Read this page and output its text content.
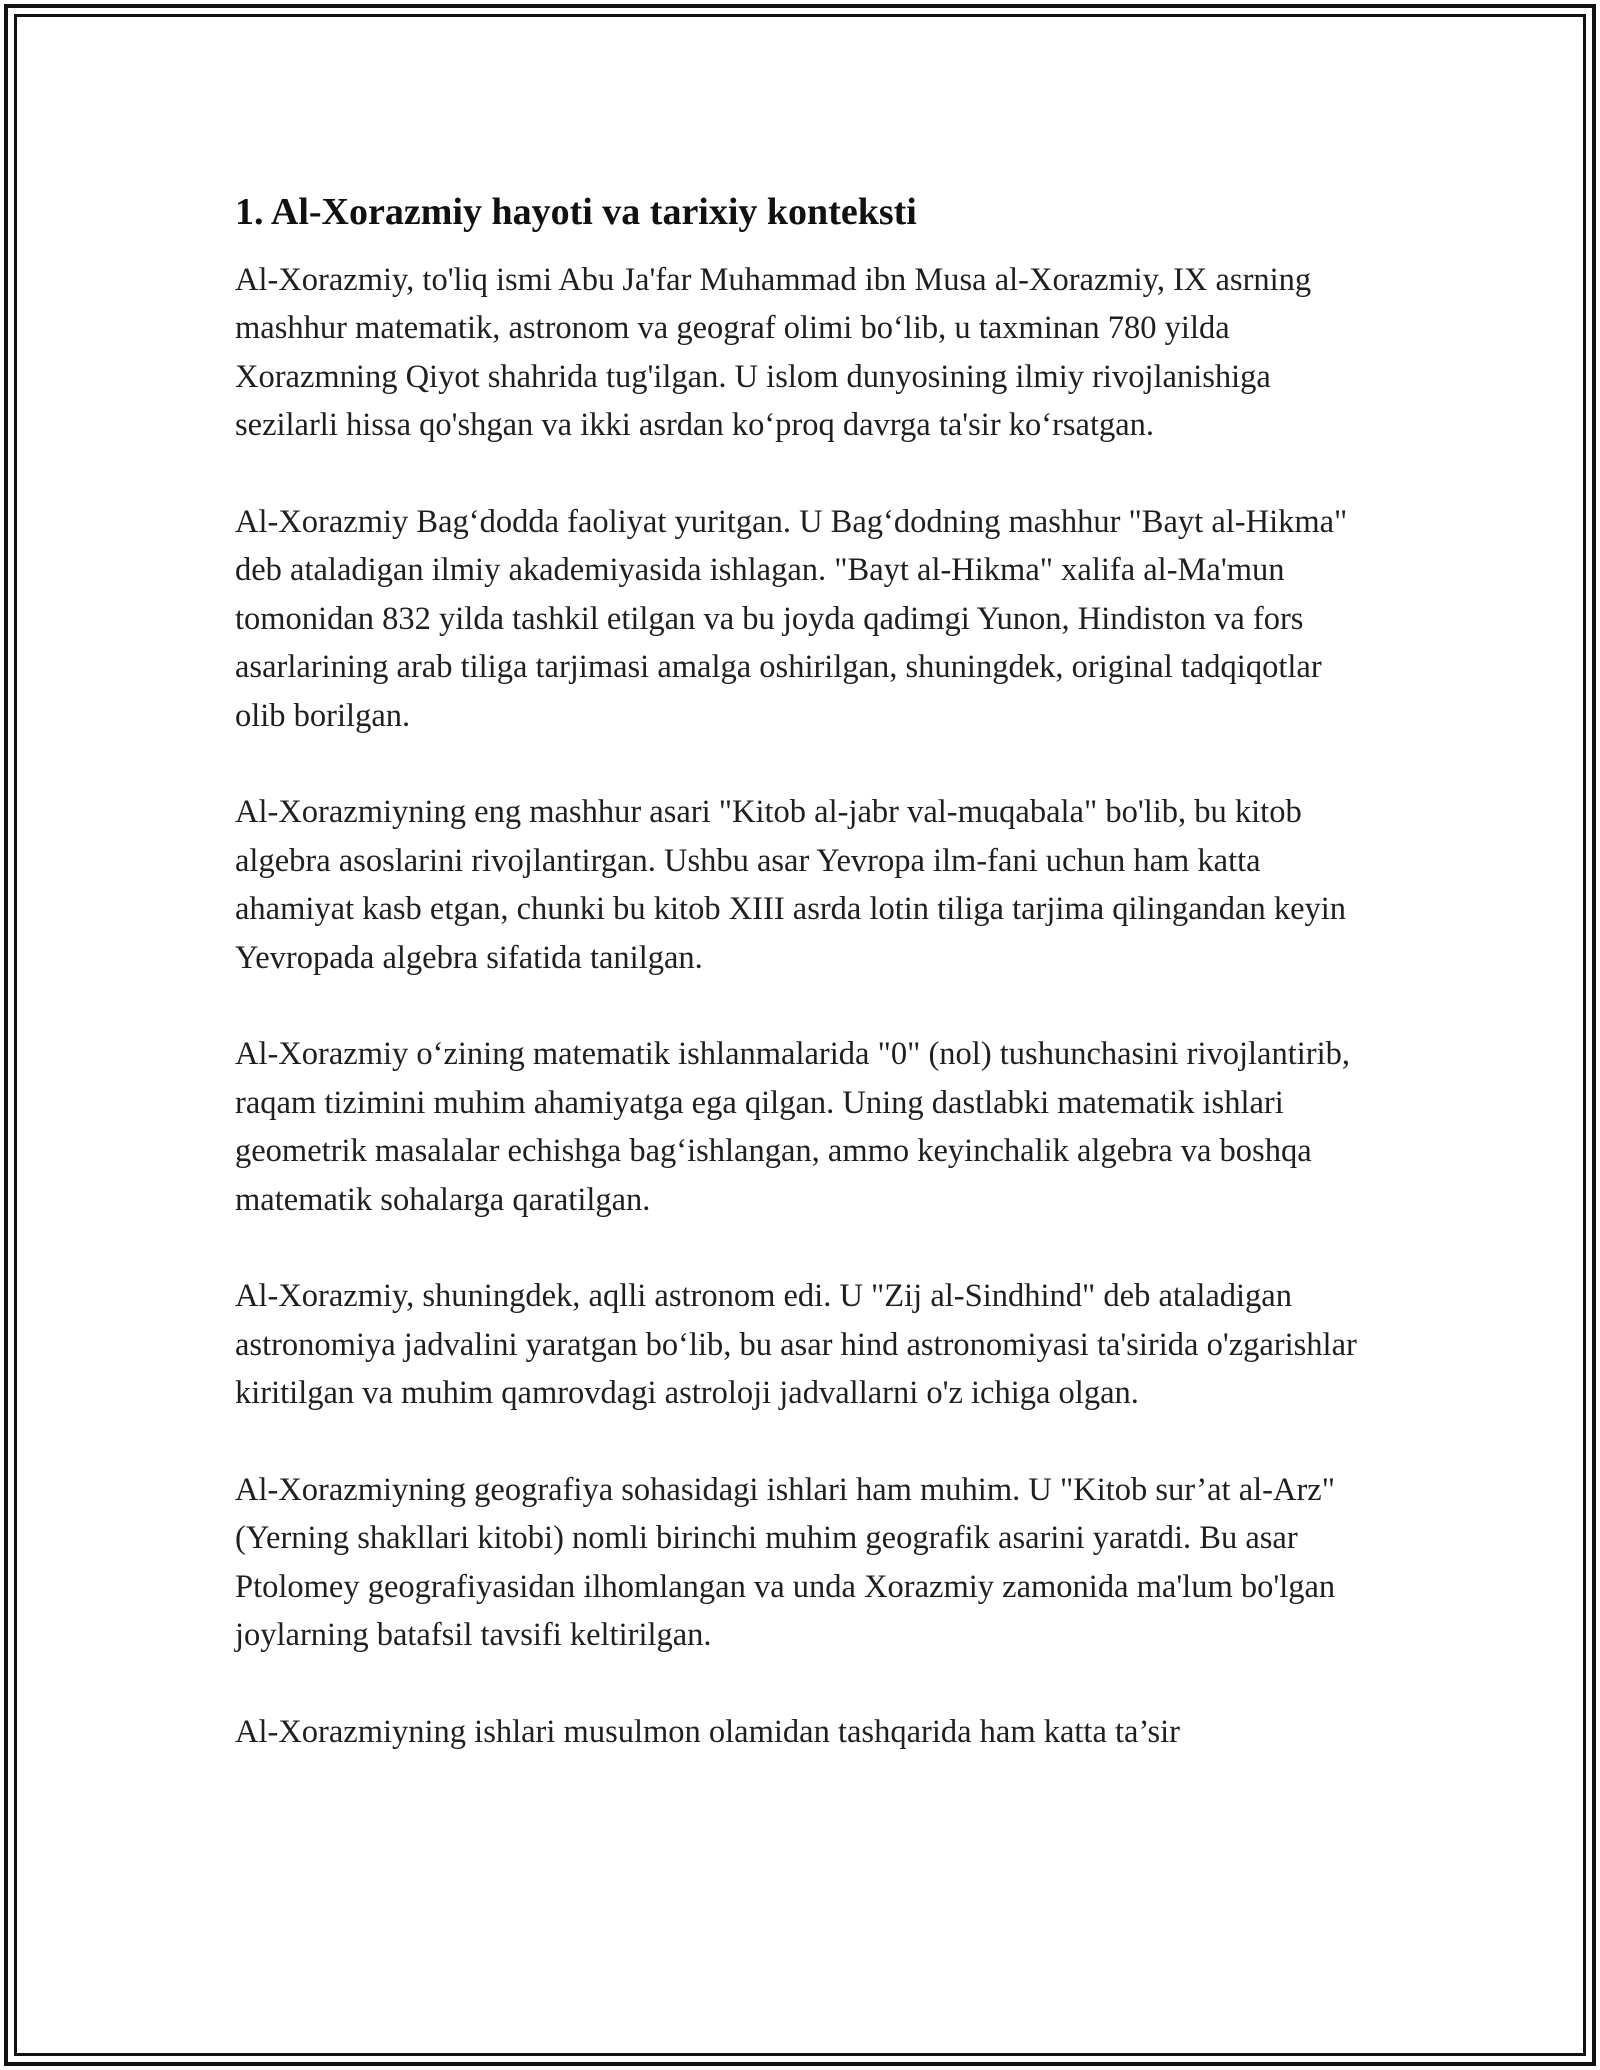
1. Al-Xorazmiy hayoti va tarixiy konteksti

Al-Xorazmiy, to'liq ismi Abu Ja'far Muhammad ibn Musa al-Xorazmiy, IX asrning mashhur matematik, astronom va geograf olimi bo‘lib, u taxminan 780 yilda Xorazmning Qiyot shahrida tug'ilgan. U islom dunyosining ilmiy rivojlanishiga sezilarli hissa qo'shgan va ikki asrdan ko‘proq davrga ta'sir ko‘rsatgan.

Al-Xorazmiy Bag‘dodda faoliyat yuritgan. U Bag‘dodning mashhur "Bayt al-Hikma" deb ataladigan ilmiy akademiyasida ishlagan. "Bayt al-Hikma" xalifa al-Ma'mun tomonidan 832 yilda tashkil etilgan va bu joyda qadimgi Yunon, Hindiston va fors asarlarining arab tiliga tarjimasi amalga oshirilgan, shuningdek, original tadqiqotlar olib borilgan.

Al-Xorazmiyning eng mashhur asari "Kitob al-jabr val-muqabala" bo'lib, bu kitob algebra asoslarini rivojlantirgan. Ushbu asar Yevropa ilm-fani uchun ham katta ahamiyat kasb etgan, chunki bu kitob XIII asrda lotin tiliga tarjima qilingandan keyin Yevropada algebra sifatida tanilgan.

Al-Xorazmiy o‘zining matematik ishlanmalarida "0" (nol) tushunchasini rivojlantirib, raqam tizimini muhim ahamiyatga ega qilgan. Uning dastlabki matematik ishlari geometrik masalalar echishga bag‘ishlangan, ammo keyinchalik algebra va boshqa matematik sohalarga qaratilgan.

Al-Xorazmiy, shuningdek, aqlli astronom edi. U "Zij al-Sindhind" deb ataladigan astronomiya jadvalini yaratgan bo‘lib, bu asar hind astronomiyasi ta'sirida o'zgarishlar kiritilgan va muhim qamrovdagi astroloji jadvallarni o'z ichiga olgan.

Al-Xorazmiyning geografiya sohasidagi ishlari ham muhim. U "Kitob sur’at al-Arz" (Yerning shakllari kitobi) nomli birinchi muhim geografik asarini yaratdi. Bu asar Ptolomey geografiyasidan ilhomlangan va unda Xorazmiy zamonida ma'lum bo'lgan joylarning batafsil tavsifi keltirilgan.

Al-Xorazmiyning ishlari musulmon olamidan tashqarida ham katta ta’sir
